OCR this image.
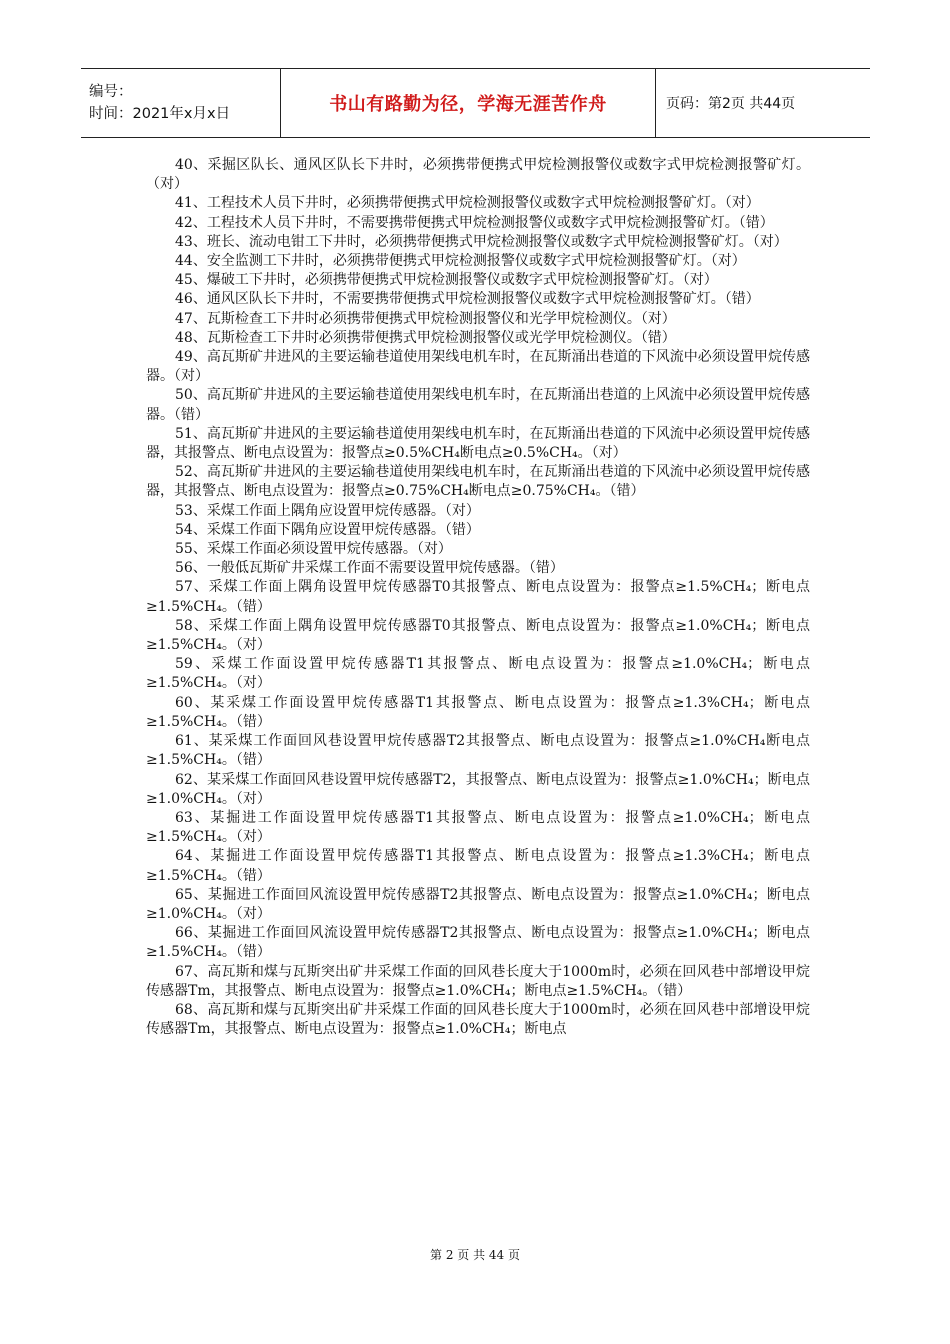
编号：
时间：2021年x月x日	书山有路勤为径，学海无涯苦作舟	页码：第2页 共44页

40、采掘区队长、通风区队长下井时，必须携带便携式甲烷检测报警仪或数字式甲烷检测报警矿灯。（对）

41、工程技术人员下井时，必须携带便携式甲烷检测报警仪或数字式甲烷检测报警矿灯。（对）

42、工程技术人员下井时，不需要携带便携式甲烷检测报警仪或数字式甲烷检测报警矿灯。（错）

43、班长、流动电钳工下井时，必须携带便携式甲烷检测报警仪或数字式甲烷检测报警矿灯。（对）

44、安全监测工下井时，必须携带便携式甲烷检测报警仪或数字式甲烷检测报警矿灯。（对）

45、爆破工下井时，必须携带便携式甲烷检测报警仪或数字式甲烷检测报警矿灯。（对）

46、通风区队长下井时，不需要携带便携式甲烷检测报警仪或数字式甲烷检测报警矿灯。（错）

47、瓦斯检查工下井时必须携带便携式甲烷检测报警仪和光学甲烷检测仪。（对）

48、瓦斯检查工下井时必须携带便携式甲烷检测报警仪或光学甲烷检测仪。（错）

49、高瓦斯矿井进风的主要运输巷道使用架线电机车时，在瓦斯涌出巷道的下风流中必须设置甲烷传感器。（对）

50、高瓦斯矿井进风的主要运输巷道使用架线电机车时，在瓦斯涌出巷道的上风流中必须设置甲烷传感器。（错）

51、高瓦斯矿井进风的主要运输巷道使用架线电机车时，在瓦斯涌出巷道的下风流中必须设置甲烷传感器，其报警点、断电点设置为：报警点≥0.5%CH₄断电点≥0.5%CH₄。（对）

52、高瓦斯矿井进风的主要运输巷道使用架线电机车时，在瓦斯涌出巷道的下风流中必须设置甲烷传感器，其报警点、断电点设置为：报警点≥0.75%CH₄断电点≥0.75%CH₄。（错）

53、采煤工作面上隅角应设置甲烷传感器。（对）

54、采煤工作面下隅角应设置甲烷传感器。（错）

55、采煤工作面必须设置甲烷传感器。（对）

56、一般低瓦斯矿井采煤工作面不需要设置甲烷传感器。（错）

57、采煤工作面上隅角设置甲烷传感器T0其报警点、断电点设置为：报警点≥1.5%CH₄；断电点≥1.5%CH₄。（错）

58、采煤工作面上隅角设置甲烷传感器T0其报警点、断电点设置为：报警点≥1.0%CH₄；断电点≥1.5%CH₄。（对）

59、采煤工作面设置甲烷传感器T1其报警点、断电点设置为：报警点≥1.0%CH₄；断电点≥1.5%CH₄。（对）

60、某采煤工作面设置甲烷传感器T1其报警点、断电点设置为：报警点≥1.3%CH₄；断电点≥1.5%CH₄。（错）

61、某采煤工作面回风巷设置甲烷传感器T2其报警点、断电点设置为：报警点≥1.0%CH₄断电点≥1.5%CH₄。（错）

62、某采煤工作面回风巷设置甲烷传感器T2，其报警点、断电点设置为：报警点≥1.0%CH₄；断电点≥1.0%CH₄。（对）

63、某掘进工作面设置甲烷传感器T1其报警点、断电点设置为：报警点≥1.0%CH₄；断电点≥1.5%CH₄。（对）

64、某掘进工作面设置甲烷传感器T1其报警点、断电点设置为：报警点≥1.3%CH₄；断电点≥1.5%CH₄。（错）

65、某掘进工作面回风流设置甲烷传感器T2其报警点、断电点设置为：报警点≥1.0%CH₄；断电点≥1.0%CH₄。（对）

66、某掘进工作面回风流设置甲烷传感器T2其报警点、断电点设置为：报警点≥1.0%CH₄；断电点≥1.5%CH₄。（错）

67、高瓦斯和煤与瓦斯突出矿井采煤工作面的回风巷长度大于1000m时，必须在回风巷中部增设甲烷传感器Tm，其报警点、断电点设置为：报警点≥1.0%CH₄；断电点≥1.5%CH₄。（错）

68、高瓦斯和煤与瓦斯突出矿井采煤工作面的回风巷长度大于1000m时，必须在回风巷中部增设甲烷传感器Tm，其报警点、断电点设置为：报警点≥1.0%CH₄；断电点

第 2 页 共 44 页
